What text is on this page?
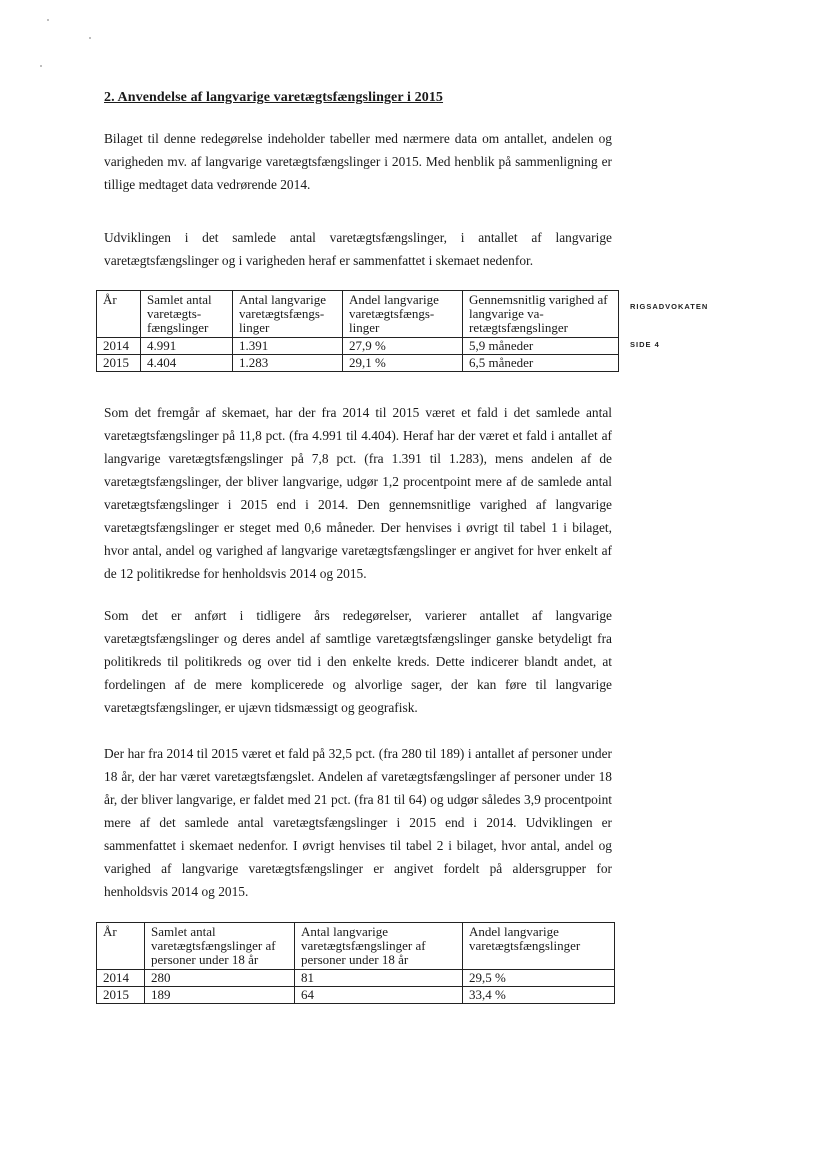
2. Anvendelse af langvarige varetægtsfængslinger i 2015

Bilaget til denne redegørelse indeholder tabeller med nærmere data om antallet, andelen og varigheden mv. af langvarige varetægtsfængslinger i 2015. Med henblik på sammenligning er tillige medtaget data vedrørende 2014.

Udviklingen i det samlede antal varetægtsfængslinger, i antallet af langvarige varetægtsfængslinger og i varigheden heraf er sammenfattet i skemaet nedenfor.

År	Samlet antal varetægts-fængslinger	Antal langvarige varetægtsfængs-linger	Andel langvarige varetægtsfængs-linger	Gennemsnitlig varighed af langvarige va-retægtsfængslinger
2014	4.991	1.391	27,9 %	5,9 måneder
2015	4.404	1.283	29,1 %	6,5 måneder
RIGSADVOKATEN
SIDE 4

Som det fremgår af skemaet, har der fra 2014 til 2015 været et fald i det samlede antal varetægtsfængslinger på 11,8 pct. (fra 4.991 til 4.404). Heraf har der været et fald i antallet af langvarige varetægtsfængslinger på 7,8 pct. (fra 1.391 til 1.283), mens andelen af de varetægtsfængslinger, der bliver langvarige, udgør 1,2 procentpoint mere af de samlede antal varetægtsfængslinger i 2015 end i 2014. Den gennemsnitlige varighed af langvarige varetægtsfængslinger er steget med 0,6 måneder. Der henvises i øvrigt til tabel 1 i bilaget, hvor antal, andel og varighed af langvarige varetægtsfængslinger er angivet for hver enkelt af de 12 politikredse for henholdsvis 2014 og 2015.

Som det er anført i tidligere års redegørelser, varierer antallet af langvarige varetægtsfængslinger og deres andel af samtlige varetægtsfængslinger ganske betydeligt fra politikreds til politikreds og over tid i den enkelte kreds. Dette indicerer blandt andet, at fordelingen af de mere komplicerede og alvorlige sager, der kan føre til langvarige varetægtsfængslinger, er ujævn tidsmæssigt og geografisk.

Der har fra 2014 til 2015 været et fald på 32,5 pct. (fra 280 til 189) i antallet af personer under 18 år, der har været varetægtsfængslet. Andelen af varetægtsfængslinger af personer under 18 år, der bliver langvarige, er faldet med 21 pct. (fra 81 til 64) og udgør således 3,9 procentpoint mere af det samlede antal varetægtsfængslinger i 2015 end i 2014. Udviklingen er sammenfattet i skemaet nedenfor. I øvrigt henvises til tabel 2 i bilaget, hvor antal, andel og varighed af langvarige varetægtsfængslinger er angivet fordelt på aldersgrupper for henholdsvis 2014 og 2015.

År	Samlet antal varetægtsfængslinger af personer under 18 år	Antal langvarige varetægtsfængslinger af personer under 18 år	Andel langvarige varetægtsfængslinger
2014	280	81	29,5 %
2015	189	64	33,4 %
